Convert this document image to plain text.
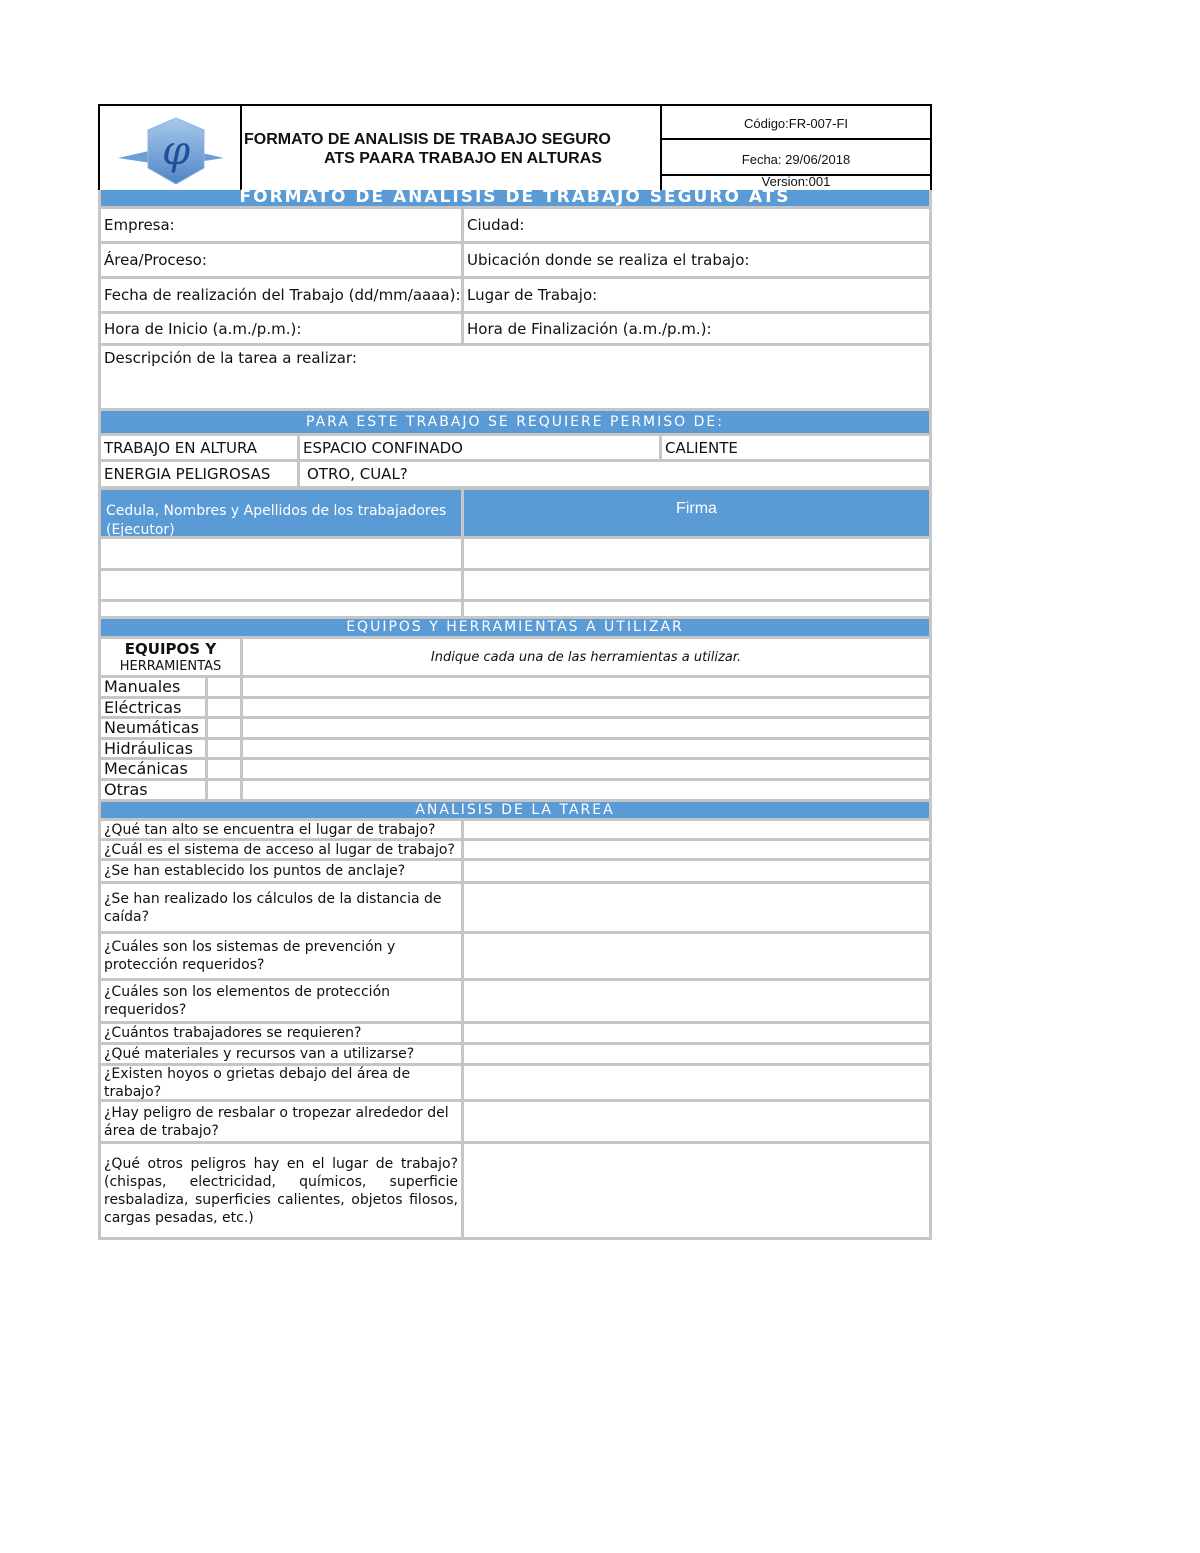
φ	FORMATO DE ANALISIS DE TRABAJO SEGURO
ATS PAARA TRABAJO EN ALTURAS
Código:FR-007-FI
Fecha: 29/06/2018
Version:001
FORMATO DE ANALISIS DE TRABAJO SEGURO ATS
Empresa:	Ciudad:
Área/Proceso:	Ubicación donde se realiza el trabajo:
Fecha de realización del Trabajo (dd/mm/aaaa): Lugar de Trabajo:
Hora de Inicio (a.m./p.m.):	Hora de Finalización (a.m./p.m.):
Descripción de la tarea a realizar:
PARA ESTE TRABAJO SE REQUIERE PERMISO DE:
TRABAJO EN ALTURA	ESPACIO CONFINADO	CALIENTE
ENERGIA PELIGROSAS OTRO, CUAL?
Cedula, Nombres y Apellidos de los trabajadores (Ejecutor)
Firma
EQUIPOS Y HERRAMIENTAS A UTILIZAR
EQUIPOS Y
HERRAMIENTAS
Indique cada una de las herramientas a utilizar.
Manuales
Eléctricas
Neumáticas
Hidráulicas
Mecánicas
Otras
ANALISIS DE LA TAREA
¿Qué tan alto se encuentra el lugar de trabajo?
¿Cuál es el sistema de acceso al lugar de trabajo?
¿Se han establecido los puntos de anclaje?
¿Se han realizado los cálculos de la distancia de caída?
¿Cuáles son los sistemas de prevención y protección requeridos?
¿Cuáles son los elementos de protección requeridos?
¿Cuántos trabajadores se requieren?
¿Qué materiales y recursos van a utilizarse?
¿Existen hoyos o grietas debajo del área de trabajo?
¿Hay peligro de resbalar o tropezar alrededor del área de trabajo?
¿Qué otros peligros hay en el lugar de trabajo? (chispas, electricidad, químicos, superficie resbaladiza, superficies calientes, objetos filosos, cargas pesadas, etc.)
